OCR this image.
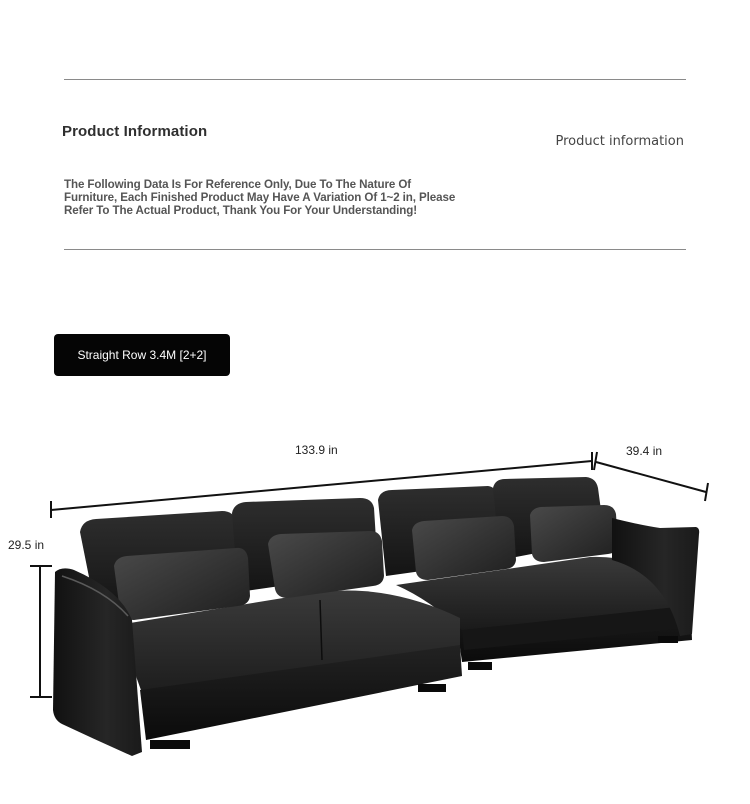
Product Information
Product information
The Following Data Is For Reference Only, Due To The Nature Of Furniture, Each Finished Product May Have A Variation Of 1~2 in, Please Refer To The Actual Product, Thank You For Your Understanding!
Straight Row 3.4M [2+2]
133.9 in	39.4 in
29.5 in
